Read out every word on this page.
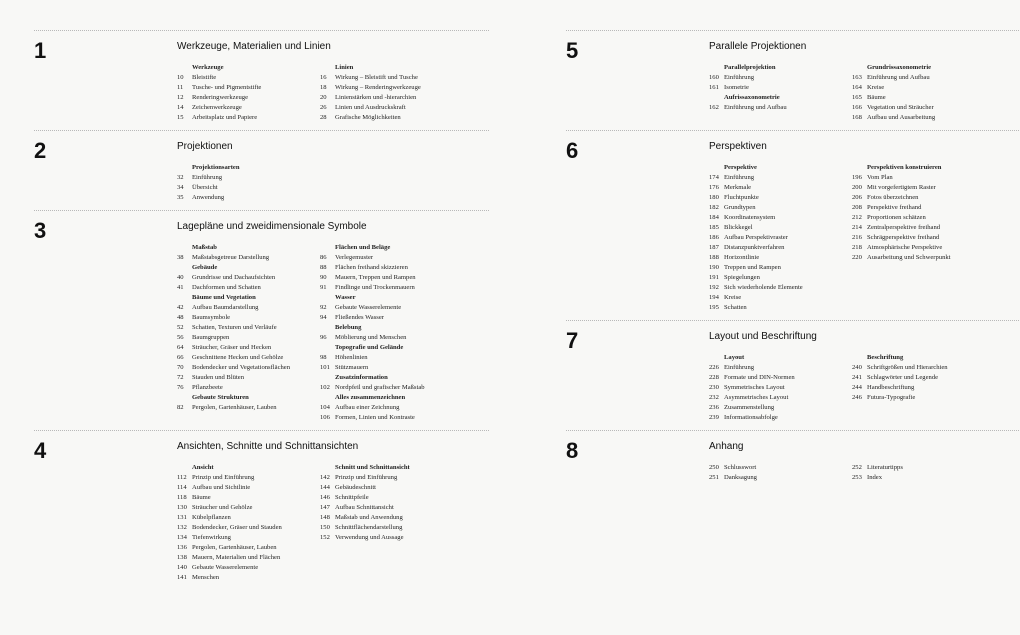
1	Werkzeuge, Materialien und Linien
Werkzeuge
10	Bleistifte
11	Tusche- und Pigmentstifte
12	Renderingwerkzeuge
14	Zeichenwerkzeuge
15	Arbeitsplatz und Papiere
Linien
16	Wirkung – Bleistift und Tusche
18	Wirkung – Renderingwerkzeuge
20	Linienstärken und -hierarchien
26	Linien und Ausdruckskraft
28	Grafische Möglichkeiten
2	Projektionen
Projektionsarten
32	Einführung
34	Übersicht
35	Anwendung
3	Lagepläne und zweidimensionale Symbole
Maßstab
38	Maßstabsgetreue Darstellung
Gebäude
40	Grundrisse und Dachaufsichten
41	Dachformen und Schatten
Bäume und Vegetation
42	Aufbau Baumdarstellung
48	Baumsymbole
52	Schatten, Texturen und Verläufe
56	Baumgruppen
64	Sträucher, Gräser und Hecken
66	Geschnittene Hecken und Gehölze
70	Bodendecker und Vegetationsflächen
72	Stauden und Blüten
76	Pflanzbeete
Gebaute Strukturen
82	Pergolen, Gartenhäuser, Lauben
Flächen und Beläge
86	Verlegemuster
88	Flächen freihand skizzieren
90	Mauern, Treppen und Rampen
91	Findlinge und Trockenmauern
Wasser
92	Gebaute Wasserelemente
94	Fließendes Wasser
Belebung
96	Möblierung und Menschen
Topografie und Gelände
98	Höhenlinien
101 Stützmauern
Zusatzinformation
102 Nordpfeil und grafischer Maßstab
Alles zusammenzeichnen
104 Aufbau einer Zeichnung
106 Formen, Linien und Kontraste
4	Ansichten, Schnitte und Schnittansichten
Ansicht
112 Prinzip und Einführung
114 Aufbau und Sichtlinie
118 Bäume
130 Sträucher und Gehölze
131 Kübelpflanzen
132 Bodendecker, Gräser und Stauden
134 Tiefenwirkung
136 Pergolen, Gartenhäuser, Lauben
138 Mauern, Materialien und Flächen
140 Gebaute Wasserelemente
141 Menschen
Schnitt und Schnittansicht
142 Prinzip und Einführung
144 Gebäudeschnitt
146 Schnittpfeile
147 Aufbau Schnittansicht
148 Maßstab und Anwendung
150 Schnittflächendarstellung
152 Verwendung und Aussage
5	Parallele Projektionen
Parallelprojektion
160 Einführung
161 Isometrie
Aufrissaxonometrie
162 Einführung und Aufbau
Grundrissaxonometrie
163 Einführung und Aufbau
164 Kreise
165 Bäume
166 Vegetation und Sträucher
168 Aufbau und Ausarbeitung
6	Perspektiven
Perspektive
174 Einführung
176 Merkmale
180 Fluchtpunkte
182 Grundtypen
184 Koordinatensystem
185 Blickkegel
186 Aufbau Perspektivraster
187 Distanzpunktverfahren
188 Horizontlinie
190 Treppen und Rampen
191 Spiegelungen
192 Sich wiederholende Elemente
194 Kreise
195 Schatten
Perspektiven konstruieren
196 Vom Plan
200 Mit vorgefertigtem Raster
206 Fotos überzeichnen
208 Perspektive freihand
212 Proportionen schätzen
214 Zentralperspektive freihand
216 Schrägperspektive freihand
218 Atmosphärische Perspektive
220 Ausarbeitung und Schwerpunkt
7	Layout und Beschriftung
Layout
226 Einführung
228 Formate und DIN-Normen
230 Symmetrisches Layout
232 Asymmetrisches Layout
236 Zusammenstellung
239 Informationsabfolge
Beschriftung
240 Schriftgrößen und Hierarchien
241 Schlagwörter und Legende
244 Handbeschriftung
246 Futura-Typografie
8	Anhang
250 Schlusswort
251 Danksagung
252 Literaturtipps
253 Index
